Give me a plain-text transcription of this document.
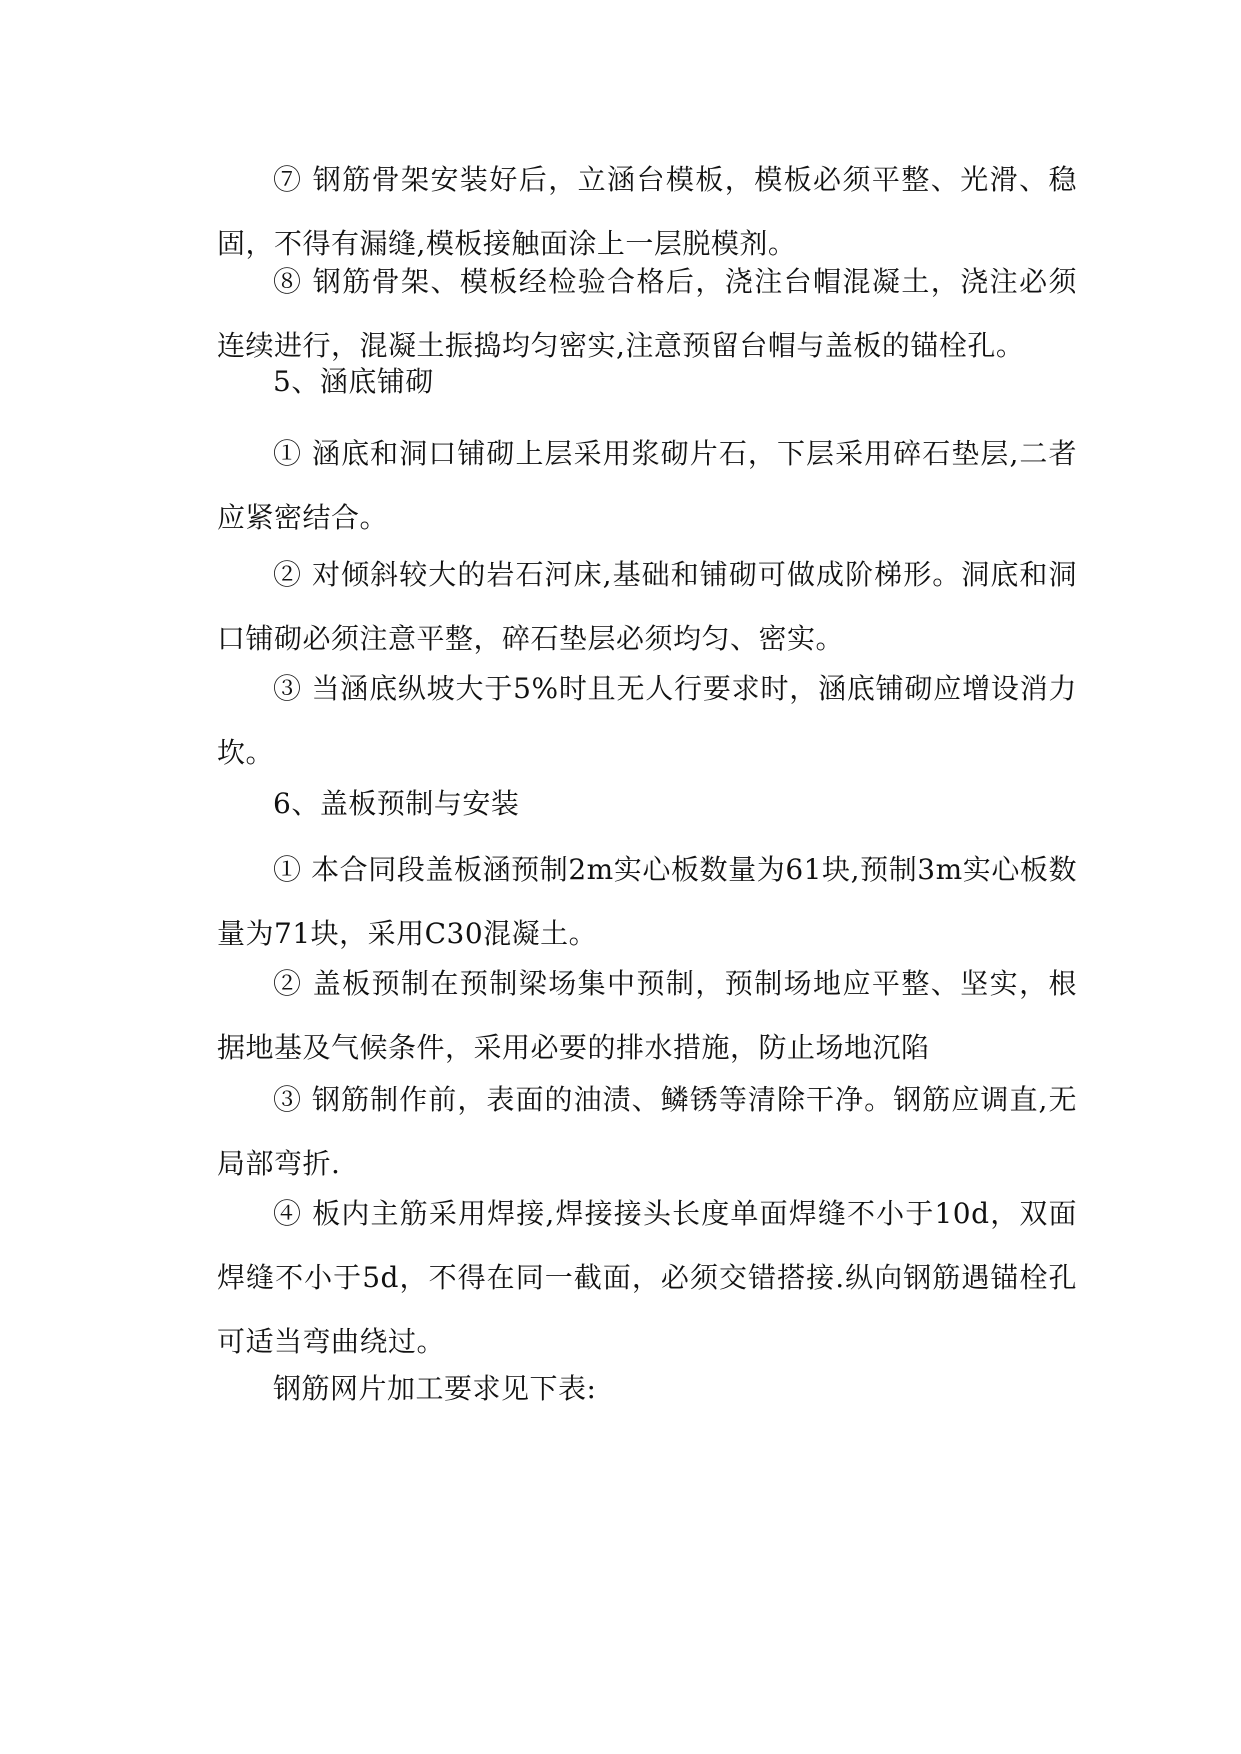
⑦ 钢筋骨架安装好后，立涵台模板，模板必须平整、光滑、稳固，不得有漏缝,模板接触面涂上一层脱模剂。

⑧ 钢筋骨架、模板经检验合格后，浇注台帽混凝土，浇注必须连续进行，混凝土振捣均匀密实,注意预留台帽与盖板的锚栓孔。

5、涵底铺砌

① 涵底和洞口铺砌上层采用浆砌片石，下层采用碎石垫层,二者应紧密结合。

② 对倾斜较大的岩石河床,基础和铺砌可做成阶梯形。洞底和洞口铺砌必须注意平整，碎石垫层必须均匀、密实。

③ 当涵底纵坡大于5%时且无人行要求时，涵底铺砌应增设消力坎。

6、盖板预制与安装

① 本合同段盖板涵预制2m实心板数量为61块,预制3m实心板数量为71块，采用C30混凝土。

② 盖板预制在预制梁场集中预制，预制场地应平整、坚实，根据地基及气候条件，采用必要的排水措施，防止场地沉陷

③ 钢筋制作前，表面的油渍、鳞锈等清除干净。钢筋应调直,无局部弯折.

④ 板内主筋采用焊接,焊接接头长度单面焊缝不小于10d，双面焊缝不小于5d，不得在同一截面，必须交错搭接.纵向钢筋遇锚栓孔可适当弯曲绕过。

钢筋网片加工要求见下表:
